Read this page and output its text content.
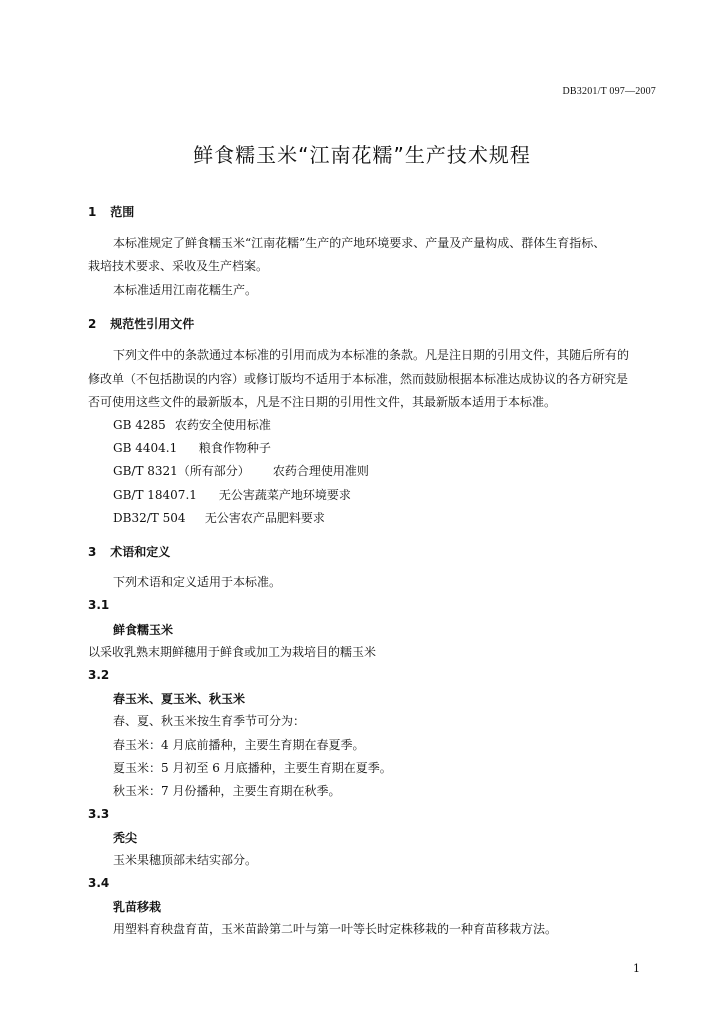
DB3201/T 097—2007
鲜食糯玉米“江南花糯”生产技术规程
1 范围
本标准规定了鲜食糯玉米“江南花糯”生产的产地环境要求、产量及产量构成、群体生育指标、
栽培技术要求、采收及生产档案。
本标准适用江南花糯生产。
2 规范性引用文件
下列文件中的条款通过本标准的引用而成为本标准的条款。凡是注日期的引用文件，其随后所有的
修改单（不包括勘误的内容）或修订版均不适用于本标准，然而鼓励根据本标准达成协议的各方研究是
否可使用这些文件的最新版本，凡是不注日期的引用性文件，其最新版本适用于本标准。
GB 4285 农药安全使用标准
GB 4404.1 粮食作物种子
GB/T 8321（所有部分） 农药合理使用准则
GB/T 18407.1 无公害蔬菜产地环境要求
DB32/T 504 无公害农产品肥料要求
3 术语和定义
下列术语和定义适用于本标准。
3.1
鲜食糯玉米
以采收乳熟末期鲜穗用于鲜食或加工为栽培目的糯玉米
3.2
春玉米、夏玉米、秋玉米
春、夏、秋玉米按生育季节可分为：
春玉米：4 月底前播种，主要生育期在春夏季。
夏玉米：5 月初至 6 月底播种，主要生育期在夏季。
秋玉米：7 月份播种，主要生育期在秋季。
3.3
秃尖
玉米果穗顶部未结实部分。
3.4
乳苗移栽
用塑料育秧盘育苗，玉米苗龄第二叶与第一叶等长时定株移栽的一种育苗移栽方法。
1
